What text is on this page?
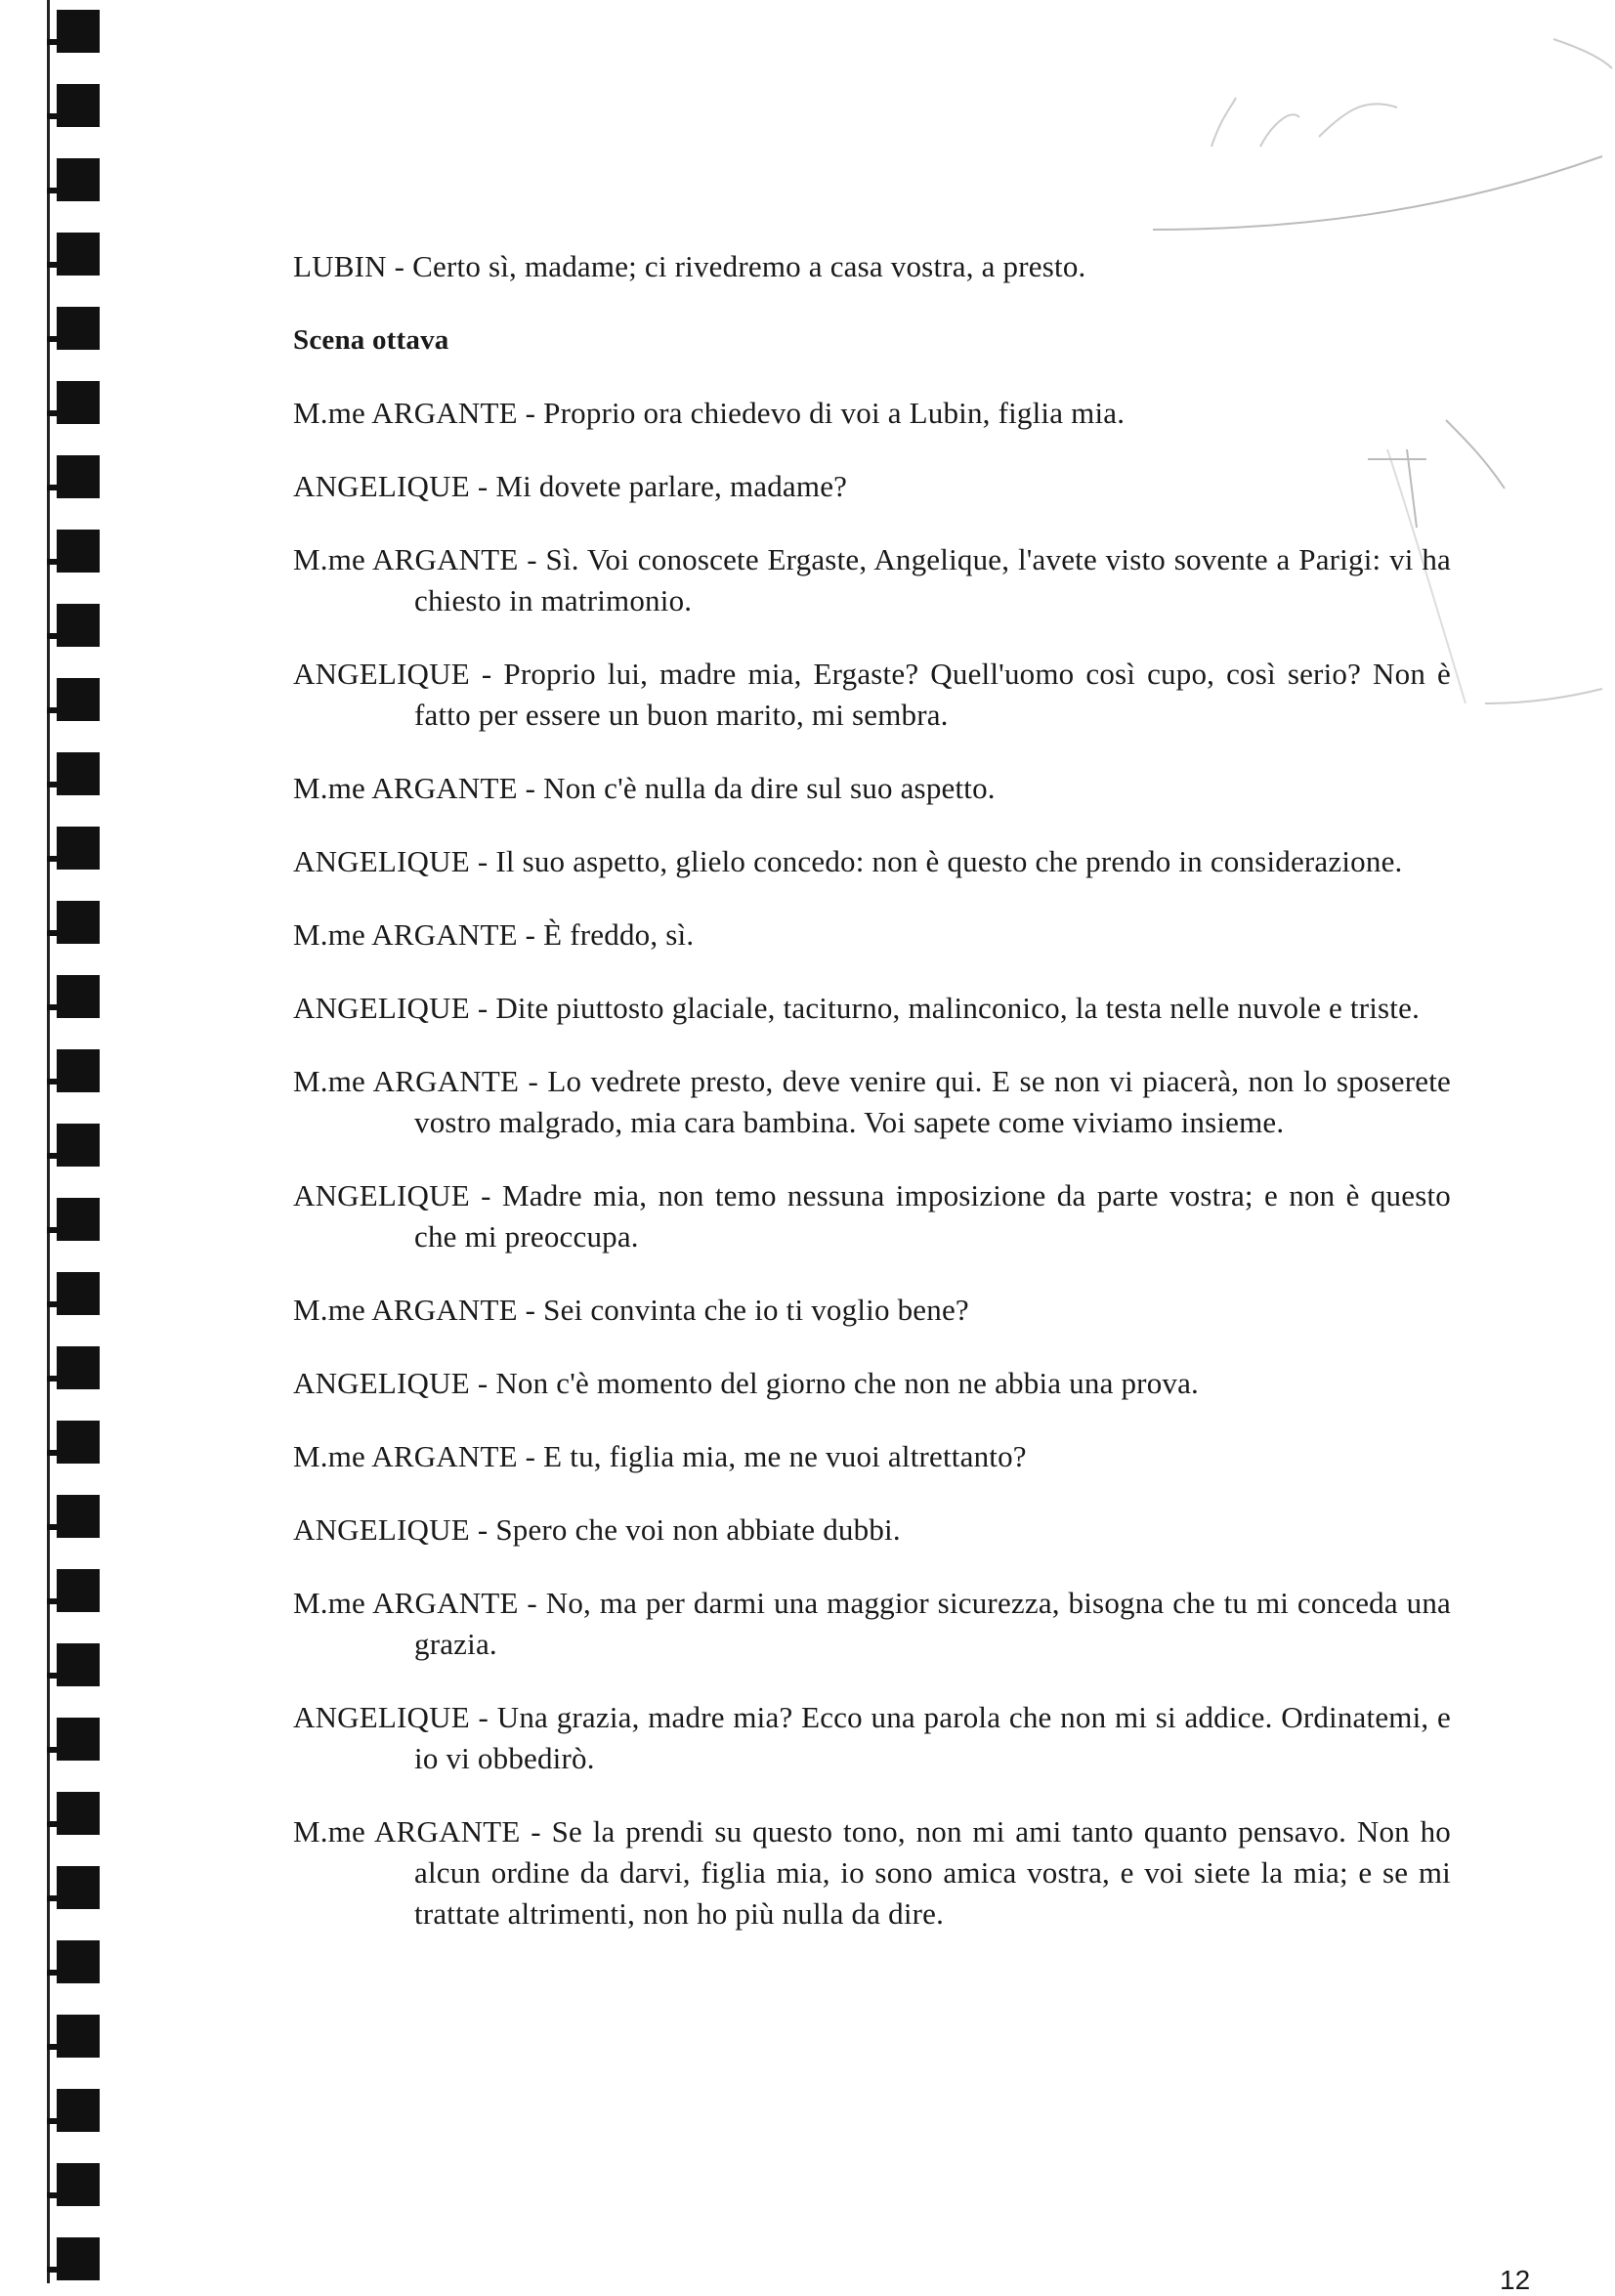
LUBIN - Certo sì, madame; ci rivedremo a casa vostra, a presto.

Scena ottava

M.me ARGANTE - Proprio ora chiedevo di voi a Lubin, figlia mia.

ANGELIQUE - Mi dovete parlare, madame?

M.me ARGANTE - Sì. Voi conoscete Ergaste, Angelique, l'avete visto sovente a Parigi: vi ha chiesto in matrimonio.

ANGELIQUE - Proprio lui, madre mia, Ergaste? Quell'uomo così cupo, così serio? Non è fatto per essere un buon marito, mi sembra.

M.me ARGANTE - Non c'è nulla da dire sul suo aspetto.

ANGELIQUE - Il suo aspetto, glielo concedo: non è questo che prendo in considerazione.

M.me ARGANTE - È freddo, sì.

ANGELIQUE - Dite piuttosto glaciale, taciturno, malinconico, la testa nelle nuvole e triste.

M.me ARGANTE - Lo vedrete presto, deve venire qui. E se non vi piacerà, non lo sposerete vostro malgrado, mia cara bambina. Voi sapete come viviamo insieme.

ANGELIQUE - Madre mia, non temo nessuna imposizione da parte vostra; e non è questo che mi preoccupa.

M.me ARGANTE - Sei convinta che io ti voglio bene?

ANGELIQUE - Non c'è momento del giorno che non ne abbia una prova.

M.me ARGANTE - E tu, figlia mia, me ne vuoi altrettanto?

ANGELIQUE - Spero che voi non abbiate dubbi.

M.me ARGANTE - No, ma per darmi una maggior sicurezza, bisogna che tu mi conceda una grazia.

ANGELIQUE - Una grazia, madre mia? Ecco una parola che non mi si addice. Ordinatemi, e io vi obbedirò.

M.me ARGANTE - Se la prendi su questo tono, non mi ami tanto quanto pensavo. Non ho alcun ordine da darvi, figlia mia, io sono amica vostra, e voi siete la mia; e se mi trattate altrimenti, non ho più nulla da dire.

12
